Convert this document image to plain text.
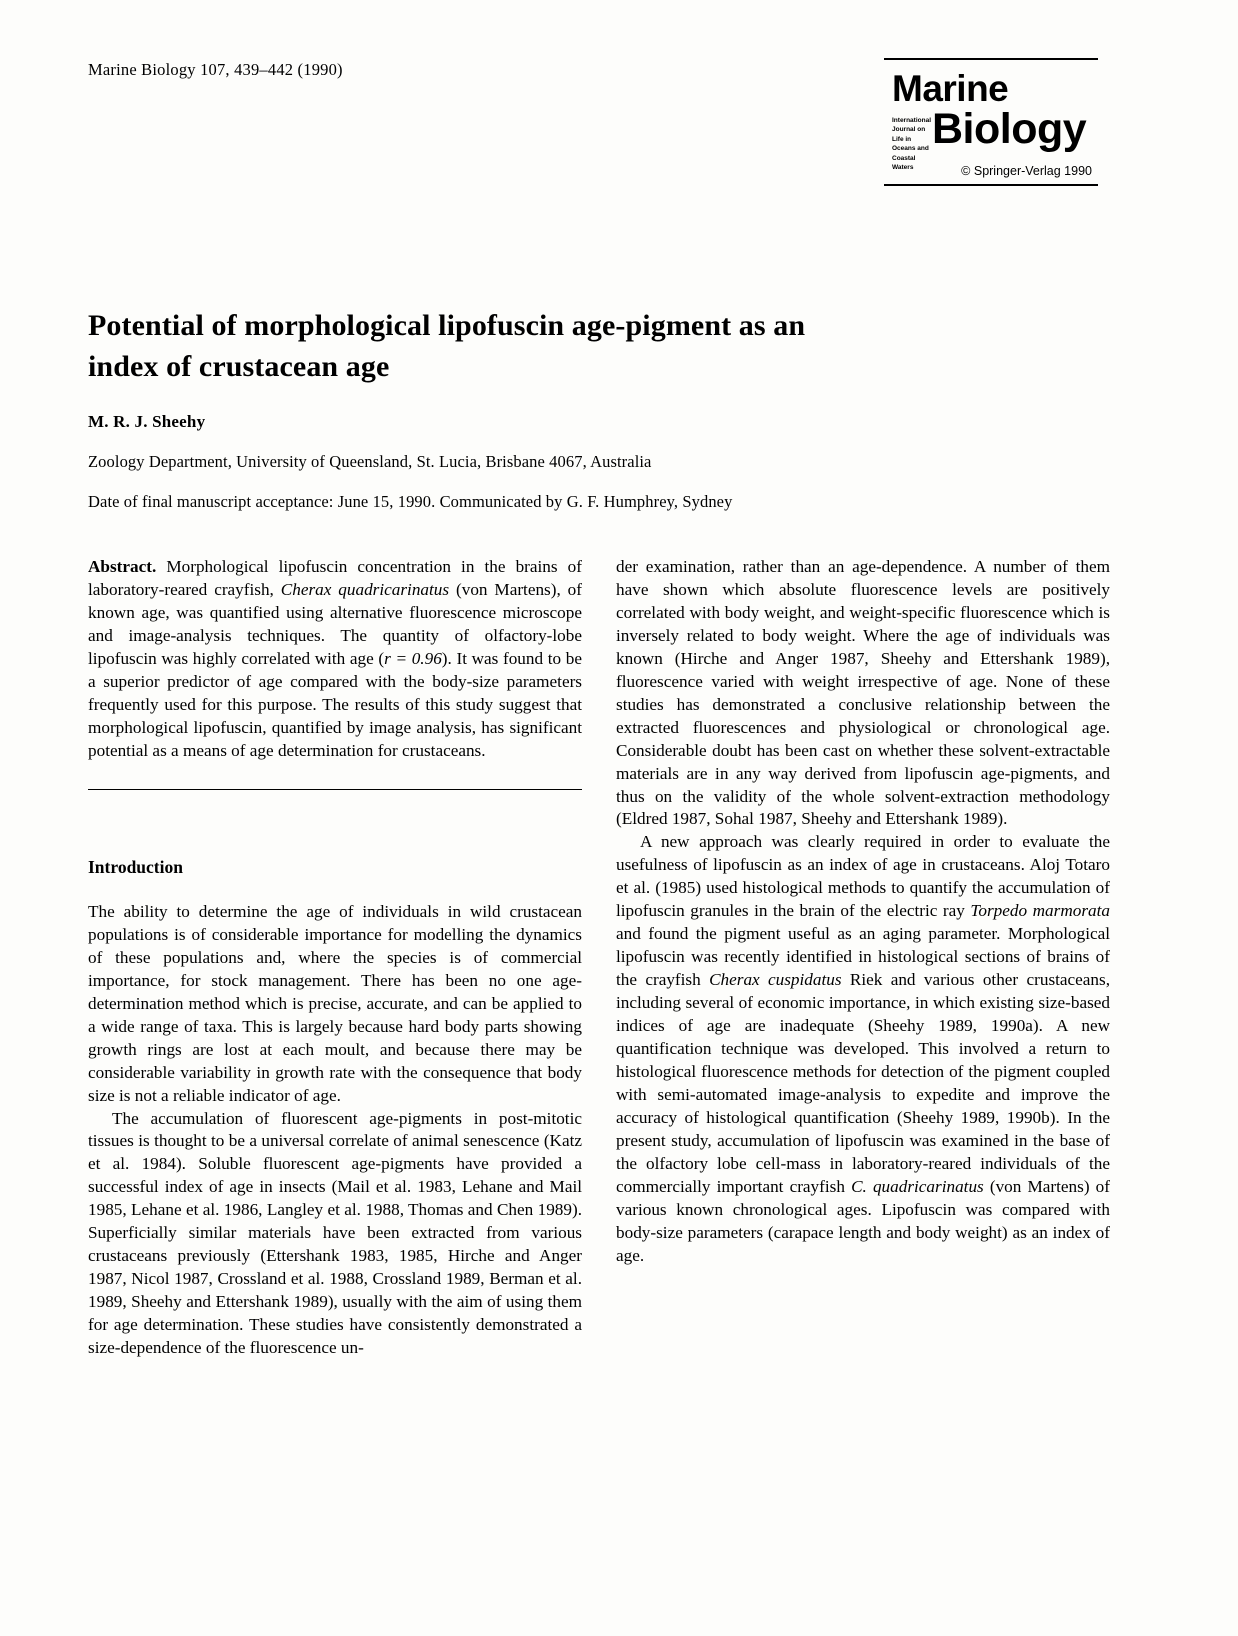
Marine Biology 107, 439–442 (1990)	Marine
International Journal on Life in Oceans and Coastal Waters
Biology
© Springer-Verlag 1990
Potential of morphological lipofuscin age-pigment as an index of crustacean age
M. R. J. Sheehy
Zoology Department, University of Queensland, St. Lucia, Brisbane 4067, Australia
Date of final manuscript acceptance: June 15, 1990. Communicated by G. F. Humphrey, Sydney

Abstract. Morphological lipofuscin concentration in the brains of laboratory-reared crayfish, Cherax quadricarinatus (von Martens), of known age, was quantified using alternative fluorescence microscope and image-analysis techniques. The quantity of olfactory-lobe lipofuscin was highly correlated with age (r = 0.96). It was found to be a superior predictor of age compared with the body-size parameters frequently used for this purpose. The results of this study suggest that morphological lipofuscin, quantified by image analysis, has significant potential as a means of age determination for crustaceans.

Introduction

The ability to determine the age of individuals in wild crustacean populations is of considerable importance for modelling the dynamics of these populations and, where the species is of commercial importance, for stock management. There has been no one age-determination method which is precise, accurate, and can be applied to a wide range of taxa. This is largely because hard body parts showing growth rings are lost at each moult, and because there may be considerable variability in growth rate with the consequence that body size is not a reliable indicator of age.

The accumulation of fluorescent age-pigments in post-mitotic tissues is thought to be a universal correlate of animal senescence (Katz et al. 1984). Soluble fluorescent age-pigments have provided a successful index of age in insects (Mail et al. 1983, Lehane and Mail 1985, Lehane et al. 1986, Langley et al. 1988, Thomas and Chen 1989). Superficially similar materials have been extracted from various crustaceans previously (Ettershank 1983, 1985, Hirche and Anger 1987, Nicol 1987, Crossland et al. 1988, Crossland 1989, Berman et al. 1989, Sheehy and Ettershank 1989), usually with the aim of using them for age determination. These studies have consistently demonstrated a size-dependence of the fluorescence un-

der examination, rather than an age-dependence. A number of them have shown which absolute fluorescence levels are positively correlated with body weight, and weight-specific fluorescence which is inversely related to body weight. Where the age of individuals was known (Hirche and Anger 1987, Sheehy and Ettershank 1989), fluorescence varied with weight irrespective of age. None of these studies has demonstrated a conclusive relationship between the extracted fluorescences and physiological or chronological age. Considerable doubt has been cast on whether these solvent-extractable materials are in any way derived from lipofuscin age-pigments, and thus on the validity of the whole solvent-extraction methodology (Eldred 1987, Sohal 1987, Sheehy and Ettershank 1989).

A new approach was clearly required in order to evaluate the usefulness of lipofuscin as an index of age in crustaceans. Aloj Totaro et al. (1985) used histological methods to quantify the accumulation of lipofuscin granules in the brain of the electric ray Torpedo marmorata and found the pigment useful as an aging parameter. Morphological lipofuscin was recently identified in histological sections of brains of the crayfish Cherax cuspidatus Riek and various other crustaceans, including several of economic importance, in which existing size-based indices of age are inadequate (Sheehy 1989, 1990a). A new quantification technique was developed. This involved a return to histological fluorescence methods for detection of the pigment coupled with semi-automated image-analysis to expedite and improve the accuracy of histological quantification (Sheehy 1989, 1990b). In the present study, accumulation of lipofuscin was examined in the base of the olfactory lobe cell-mass in laboratory-reared individuals of the commercially important crayfish C. quadricarinatus (von Martens) of various known chronological ages. Lipofuscin was compared with body-size parameters (carapace length and body weight) as an index of age.
